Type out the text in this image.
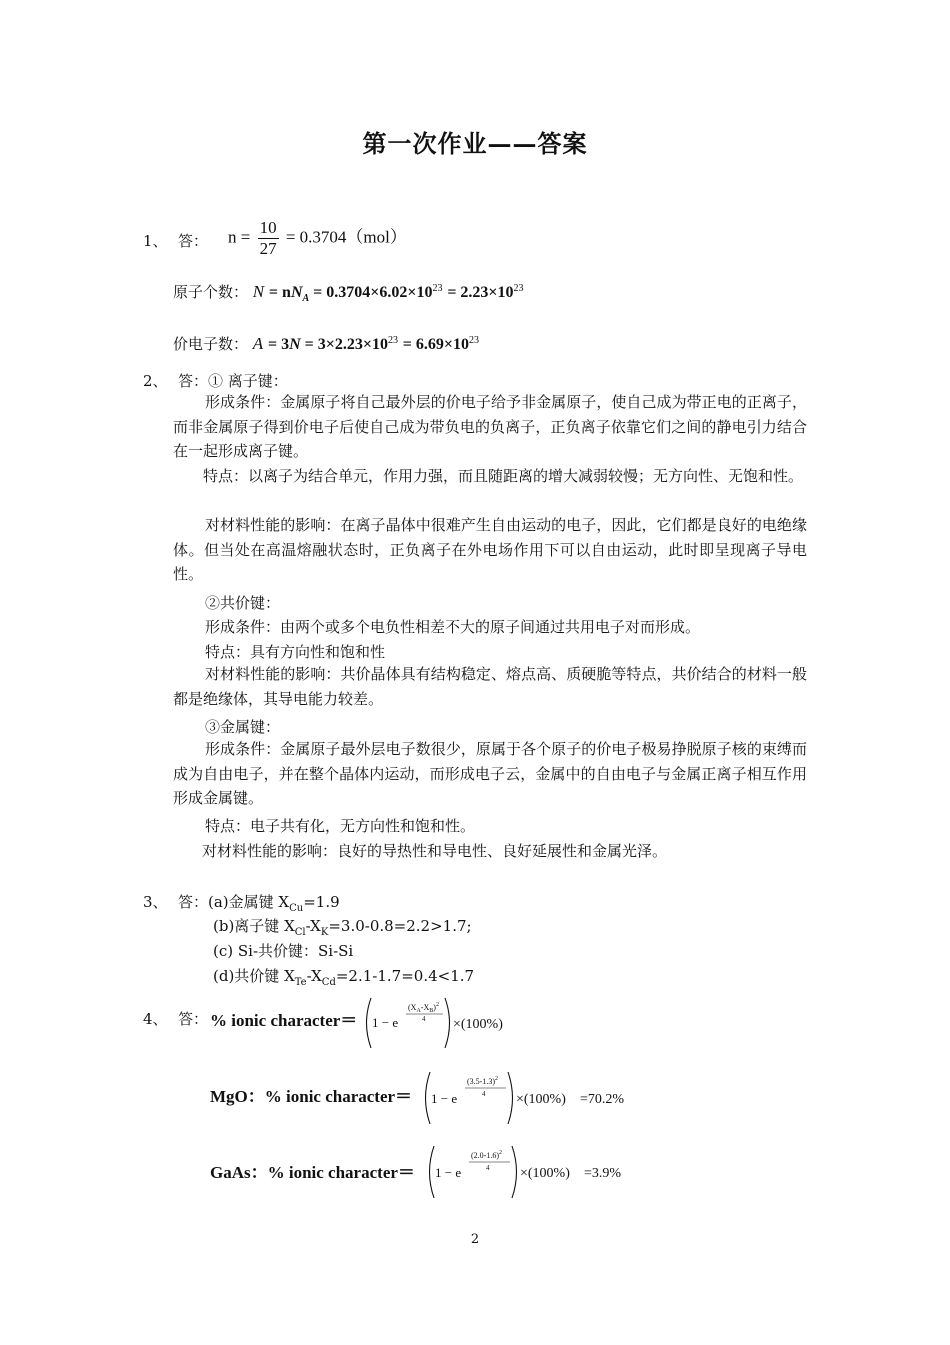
第一次作业——答案
1、 答： $n = \frac{10}{27} = 0.3704(mol)$
原子个数： $N = nN_A = 0.3704\times 6.02\times 10^{23} = 2.23\times 10^{23}$
价电子数： $A = 3N = 3\times 2.23\times 10^{23} = 6.69\times 10^{23}$
2、 答：① 离子键：
形成条件：金属原子将自己最外层的价电子给予非金属原子，使自己成为带正电的正离子，而非金属原子得到价电子后使自己成为带负电的负离子，正负离子依靠它们之间的静电引力结合在一起形成离子键。
特点：以离子为结合单元，作用力强，而且随距离的增大减弱较慢；无方向性、无饱和性。
对材料性能的影响：在离子晶体中很难产生自由运动的电子，因此，它们都是良好的电绝缘体。但当处在高温熔融状态时，正负离子在外电场作用下可以自由运动，此时即呈现离子导电性。
②共价键：
形成条件：由两个或多个电负性相差不大的原子间通过共用电子对而形成。
特点：具有方向性和饱和性
对材料性能的影响：共价晶体具有结构稳定、熔点高、质硬脆等特点，共价结合的材料一般都是绝缘体，其导电能力较差。
③金属键：
形成条件：金属原子最外层电子数很少，原属于各个原子的价电子极易挣脱原子核的束缚而成为自由电子，并在整个晶体内运动，而形成电子云，金属中的自由电子与金属正离子相互作用形成金属键。
特点：电子共有化，无方向性和饱和性。
对材料性能的影响：良好的导热性和导电性、良好延展性和金属光泽。
3、 答：(a)金属键 $X_{Cu}=1.9$
(b)离子键 $X_{Cl}-X_K=3.0-0.8=2.2>1.7$;
(c) Si-共价键：Si-Si
(d)共价键 $X_{Te}-X_{Cd}=2.1-1.7=0.4<1.7$
4、 答： % ionic character＝ 1 − e
$(X_A-X_B)^2$
4 ×(100%)
MgO：% ionic character＝ 1 − e
$(3.5-1.3)^2$
4 ×(100%) =70.2%
GaAs：% ionic character＝ 1 − e
$(2.0-1.6)^2$
4 ×(100%) =3.9%
2
